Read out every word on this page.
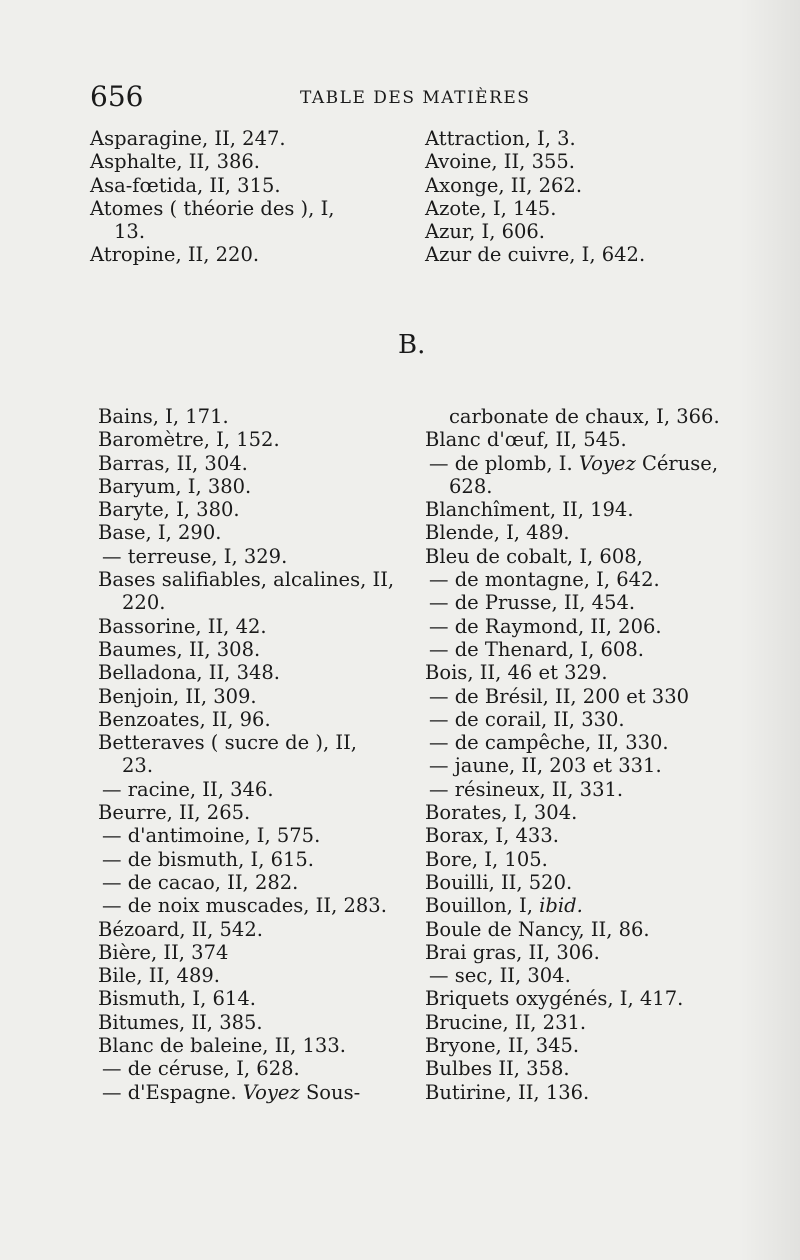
656	TABLE DES MATIÈRES
Asparagine, II, 247.
Asphalte, II, 386.
Asa-fœtida, II, 315.
Atomes ( théorie des ), I,
13.
Atropine, II, 220.
Attraction, I, 3.
Avoine, II, 355.
Axonge, II, 262.
Azote, I, 145.
Azur, I, 606.
Azur de cuivre, I, 642.
B.
Bains, I, 171.
Baromètre, I, 152.
Barras, II, 304.
Baryum, I, 380.
Baryte, I, 380.
Base, I, 290.
— terreuse, I, 329.
Bases salifiables, alcalines, II,
220.
Bassorine, II, 42.
Baumes, II, 308.
Belladona, II, 348.
Benjoin, II, 309.
Benzoates, II, 96.
Betteraves ( sucre de ), II,
23.
— racine, II, 346.
Beurre, II, 265.
— d'antimoine, I, 575.
— de bismuth, I, 615.
— de cacao, II, 282.
— de noix muscades, II, 283.
Bézoard, II, 542.
Bière, II, 374
Bile, II, 489.
Bismuth, I, 614.
Bitumes, II, 385.
Blanc de baleine, II, 133.
— de céruse, I, 628.
— d'Espagne. Voyez Sous-
carbonate de chaux, I, 366.
Blanc d'œuf, II, 545.
— de plomb, I. Voyez Céruse,
628.
Blanchîment, II, 194.
Blende, I, 489.
Bleu de cobalt, I, 608,
— de montagne, I, 642.
— de Prusse, II, 454.
— de Raymond, II, 206.
— de Thenard, I, 608.
Bois, II, 46 et 329.
— de Brésil, II, 200 et 330
— de corail, II, 330.
— de campêche, II, 330.
— jaune, II, 203 et 331.
— résineux, II, 331.
Borates, I, 304.
Borax, I, 433.
Bore, I, 105.
Bouilli, II, 520.
Bouillon, I, ibid.
Boule de Nancy, II, 86.
Brai gras, II, 306.
— sec, II, 304.
Briquets oxygénés, I, 417.
Brucine, II, 231.
Bryone, II, 345.
Bulbes II, 358.
Butirine, II, 136.
